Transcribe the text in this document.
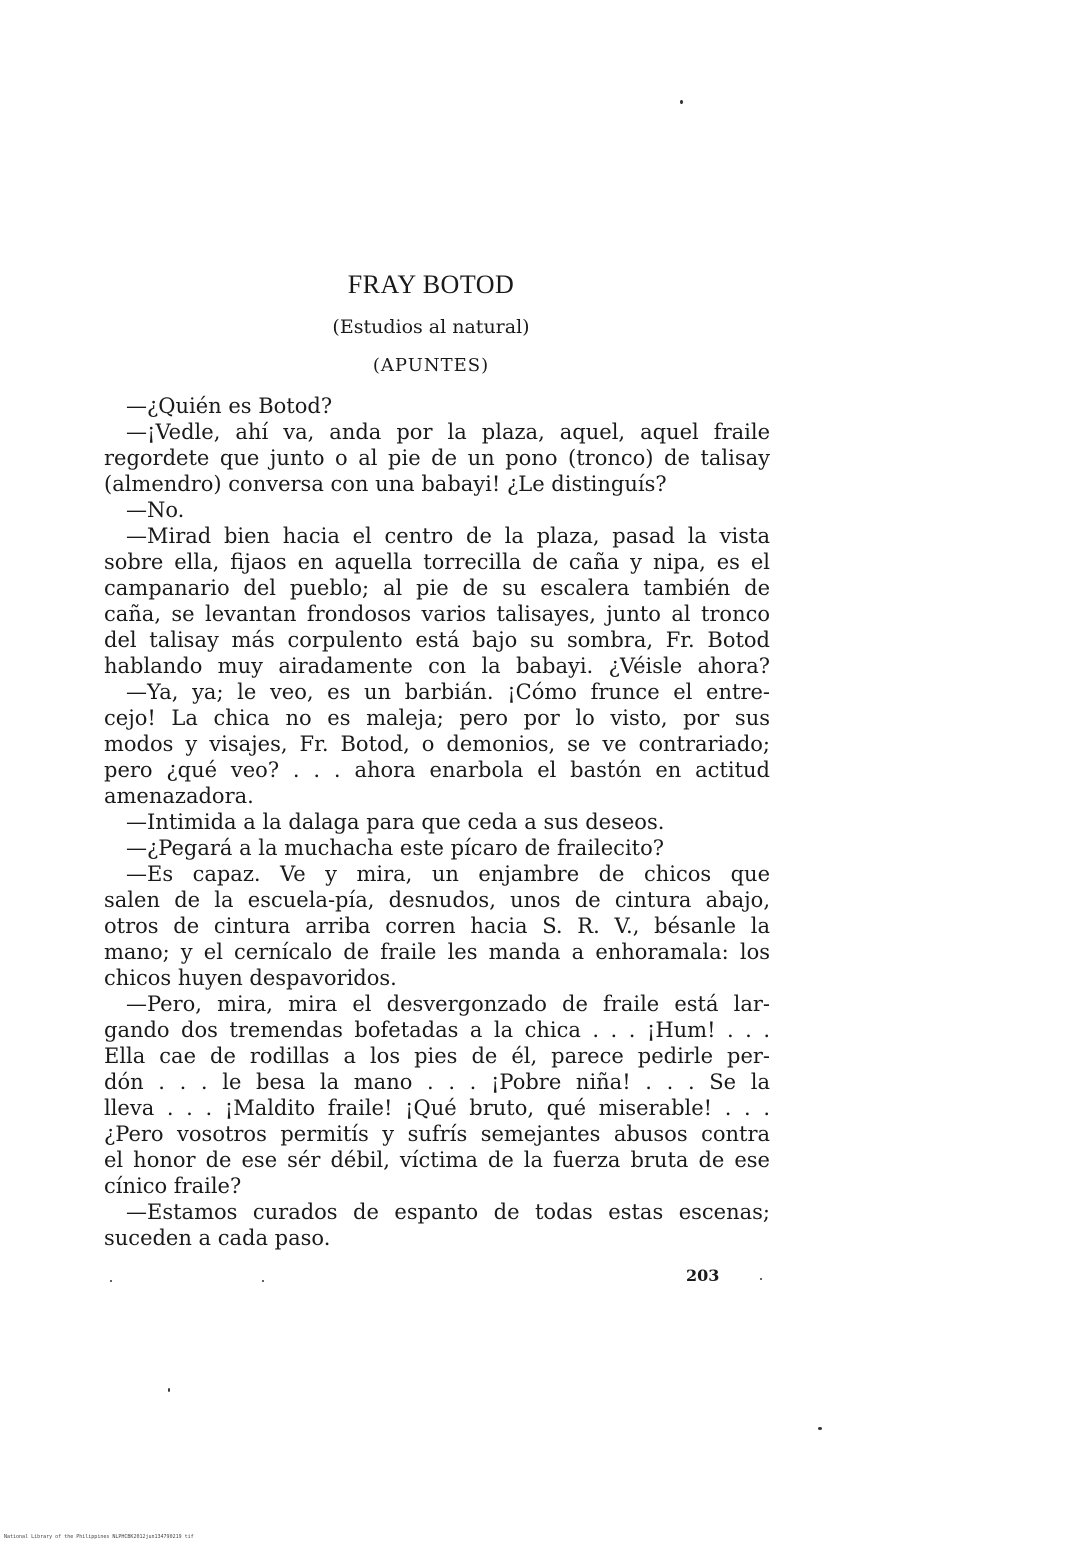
FRAY BOTOD
(Estudios al natural)
(APUNTES)
—¿Quién es Botod?
—¡Vedle, ahí va, anda por la plaza, aquel, aquel fraile
regordete que junto o al pie de un pono (tronco) de talisay
(almendro) conversa con una babayi! ¿Le distinguís?
—No.
—Mirad bien hacia el centro de la plaza, pasad la vista
sobre ella, fijaos en aquella torrecilla de caña y nipa, es el
campanario del pueblo; al pie de su escalera también de
caña, se levantan frondosos varios talisayes, junto al tronco
del talisay más corpulento está bajo su sombra, Fr. Botod
hablando muy airadamente con la babayi. ¿Véisle ahora?
—Ya, ya; le veo, es un barbián. ¡Cómo frunce el entre-
cejo! La chica no es maleja; pero por lo visto, por sus
modos y visajes, Fr. Botod, o demonios, se ve contrariado;
pero ¿qué veo? . . . ahora enarbola el bastón en actitud
amenazadora.
—Intimida a la dalaga para que ceda a sus deseos.
—¿Pegará a la muchacha este pícaro de frailecito?
—Es capaz. Ve y mira, un enjambre de chicos que
salen de la escuela-pía, desnudos, unos de cintura abajo,
otros de cintura arriba corren hacia S. R. V., bésanle la
mano; y el cernícalo de fraile les manda a enhoramala: los
chicos huyen despavoridos.
—Pero, mira, mira el desvergonzado de fraile está lar-
gando dos tremendas bofetadas a la chica . . . ¡Hum! . . .
Ella cae de rodillas a los pies de él, parece pedirle per-
dón . . . le besa la mano . . . ¡Pobre niña! . . . Se la
lleva . . . ¡Maldito fraile! ¡Qué bruto, qué miserable! . . .
¿Pero vosotros permitís y sufrís semejantes abusos contra
el honor de ese sér débil, víctima de la fuerza bruta de ese
cínico fraile?
—Estamos curados de espanto de todas estas escenas;
suceden a cada paso.
203
National Library of the Philippines NLPHCBK2012jun134790219 tif
